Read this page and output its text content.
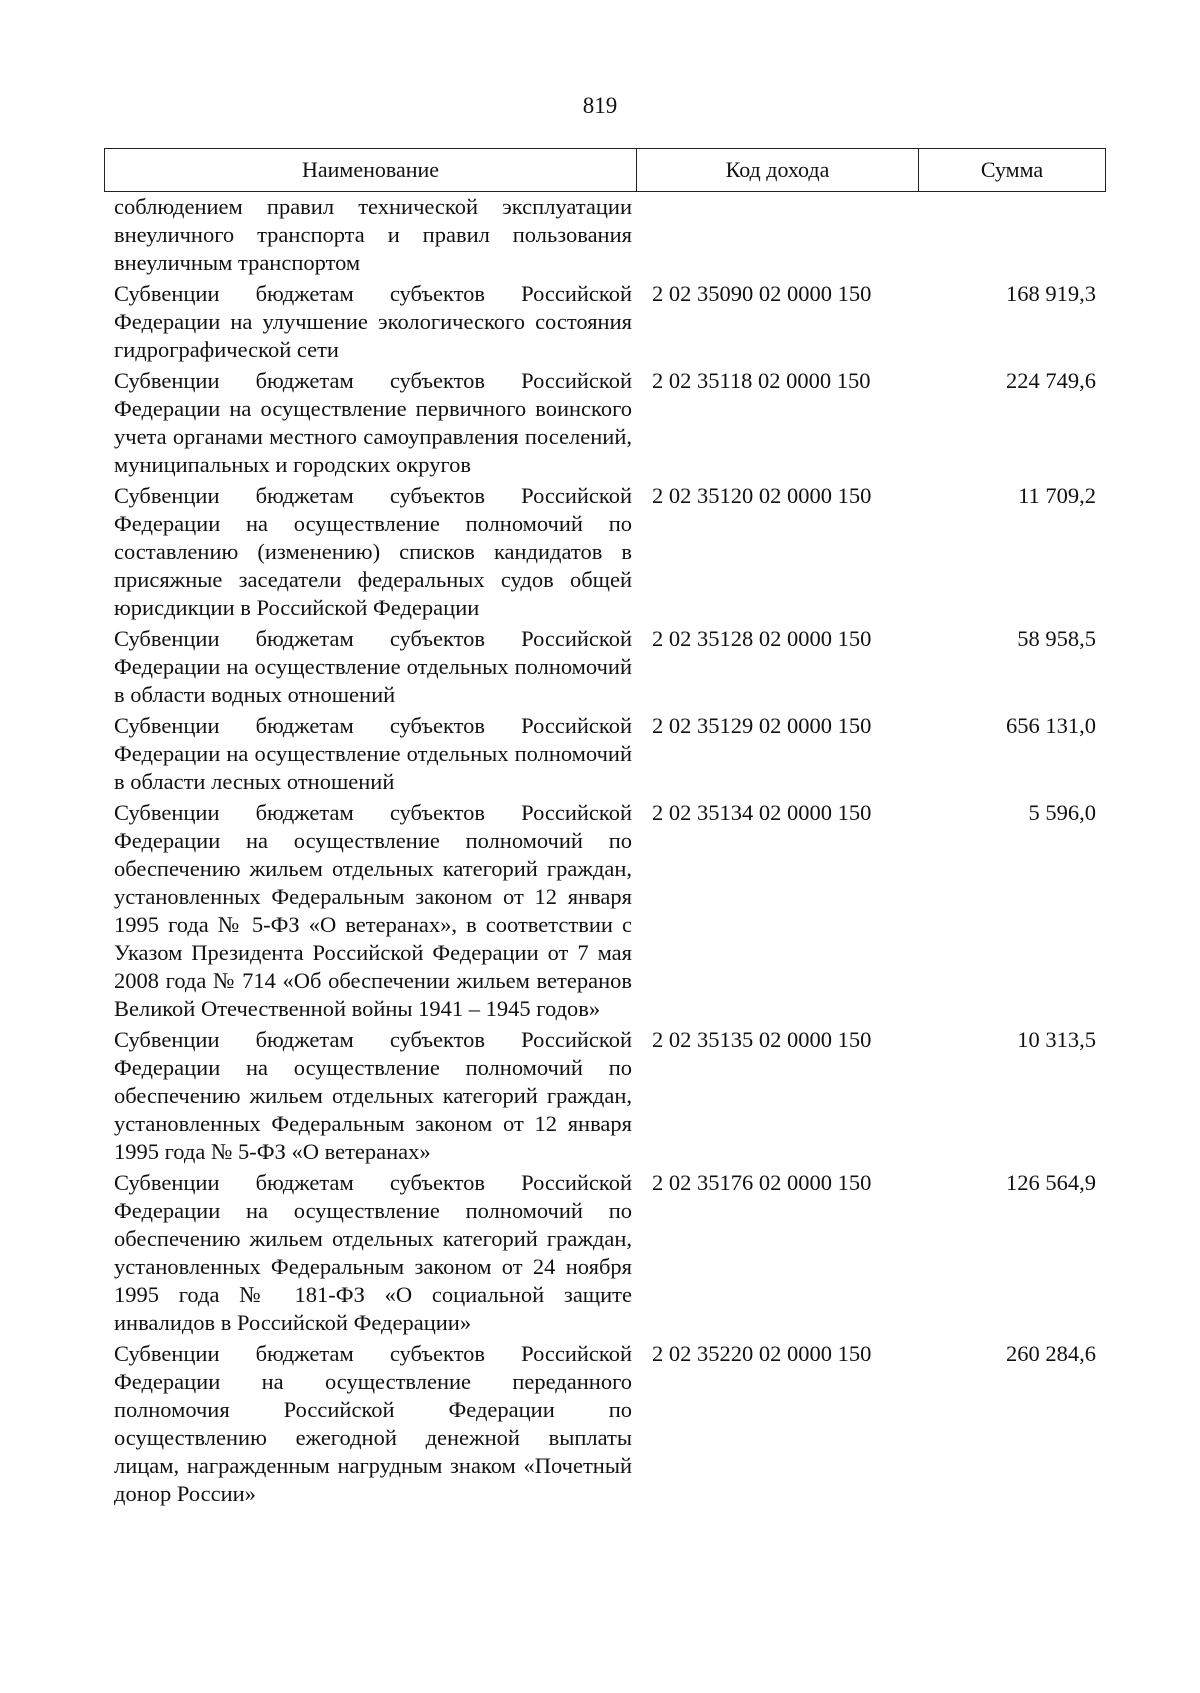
819
Наименование	Код дохода	Сумма
соблюдением правил технической эксплуатации внеуличного транспорта и правил пользования внеуличным транспортом
Субвенции бюджетам субъектов Российской Федерации на улучшение экологического состояния гидрографической сети
2 02 35090 02 0000 150	168 919,3
Субвенции бюджетам субъектов Российской Федерации на осуществление первичного воинского учета органами местного самоуправления поселений, муниципальных и городских округов
2 02 35118 02 0000 150	224 749,6
Субвенции бюджетам субъектов Российской Федерации на осуществление полномочий по составлению (изменению) списков кандидатов в присяжные заседатели федеральных судов общей юрисдикции в Российской Федерации
2 02 35120 02 0000 150	11 709,2
Субвенции бюджетам субъектов Российской Федерации на осуществление отдельных полномочий в области водных отношений
2 02 35128 02 0000 150	58 958,5
Субвенции бюджетам субъектов Российской Федерации на осуществление отдельных полномочий в области лесных отношений
2 02 35129 02 0000 150	656 131,0
Субвенции бюджетам субъектов Российской Федерации на осуществление полномочий по обеспечению жильем отдельных категорий граждан, установленных Федеральным законом от 12 января 1995 года № 5-ФЗ «О ветеранах», в соответствии с Указом Президента Российской Федерации от 7 мая 2008 года № 714 «Об обеспечении жильем ветеранов Великой Отечественной войны 1941 – 1945 годов»
2 02 35134 02 0000 150	5 596,0
Субвенции бюджетам субъектов Российской Федерации на осуществление полномочий по обеспечению жильем отдельных категорий граждан, установленных Федеральным законом от 12 января 1995 года № 5-ФЗ «О ветеранах»
2 02 35135 02 0000 150	10 313,5
Субвенции бюджетам субъектов Российской Федерации на осуществление полномочий по обеспечению жильем отдельных категорий граждан, установленных Федеральным законом от 24 ноября 1995 года № 181-ФЗ «О социальной защите инвалидов в Российской Федерации»
2 02 35176 02 0000 150	126 564,9
Субвенции бюджетам субъектов Российской Федерации на осуществление переданного полномочия Российской Федерации по осуществлению ежегодной денежной выплаты лицам, награжденным нагрудным знаком «Почетный донор России»
2 02 35220 02 0000 150	260 284,6
